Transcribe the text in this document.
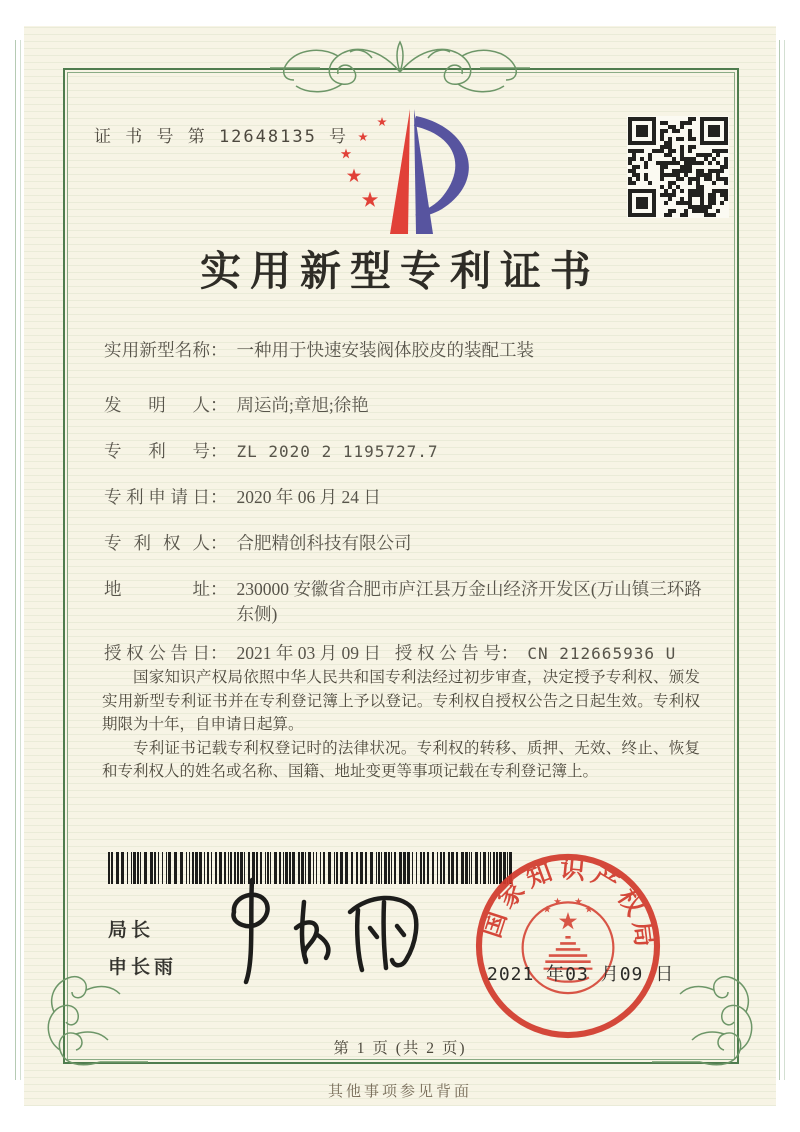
证 书 号 第 12648135 号
实用新型专利证书
实用新型名称 ： 一种用于快速安装阀体胶皮的装配工装
发明人 ： 周运尚;章旭;徐艳
专利号 ： ZL 2020 2 1195727.7
专利申请日 ： 2020 年 06 月 24 日
专利权人 ： 合肥精创科技有限公司
地址 ： 230000 安徽省合肥市庐江县万金山经济开发区(万山镇三环路东侧)
授权公告日 ： 2021 年 03 月 09 日 授权公告号 ： CN 212665936 U

国家知识产权局依照中华人民共和国专利法经过初步审查，决定授予专利权、颁发实用新型专利证书并在专利登记簿上予以登记。专利权自授权公告之日起生效。专利权期限为十年，自申请日起算。

专利证书记载专利权登记时的法律状况。专利权的转移、质押、无效、终止、恢复和专利权人的姓名或名称、国籍、地址变更等事项记载在专利登记簿上。

局长
申长雨
国家知识产权局
2021 年03 月09 日
第 1 页 (共 2 页)
其他事项参见背面
